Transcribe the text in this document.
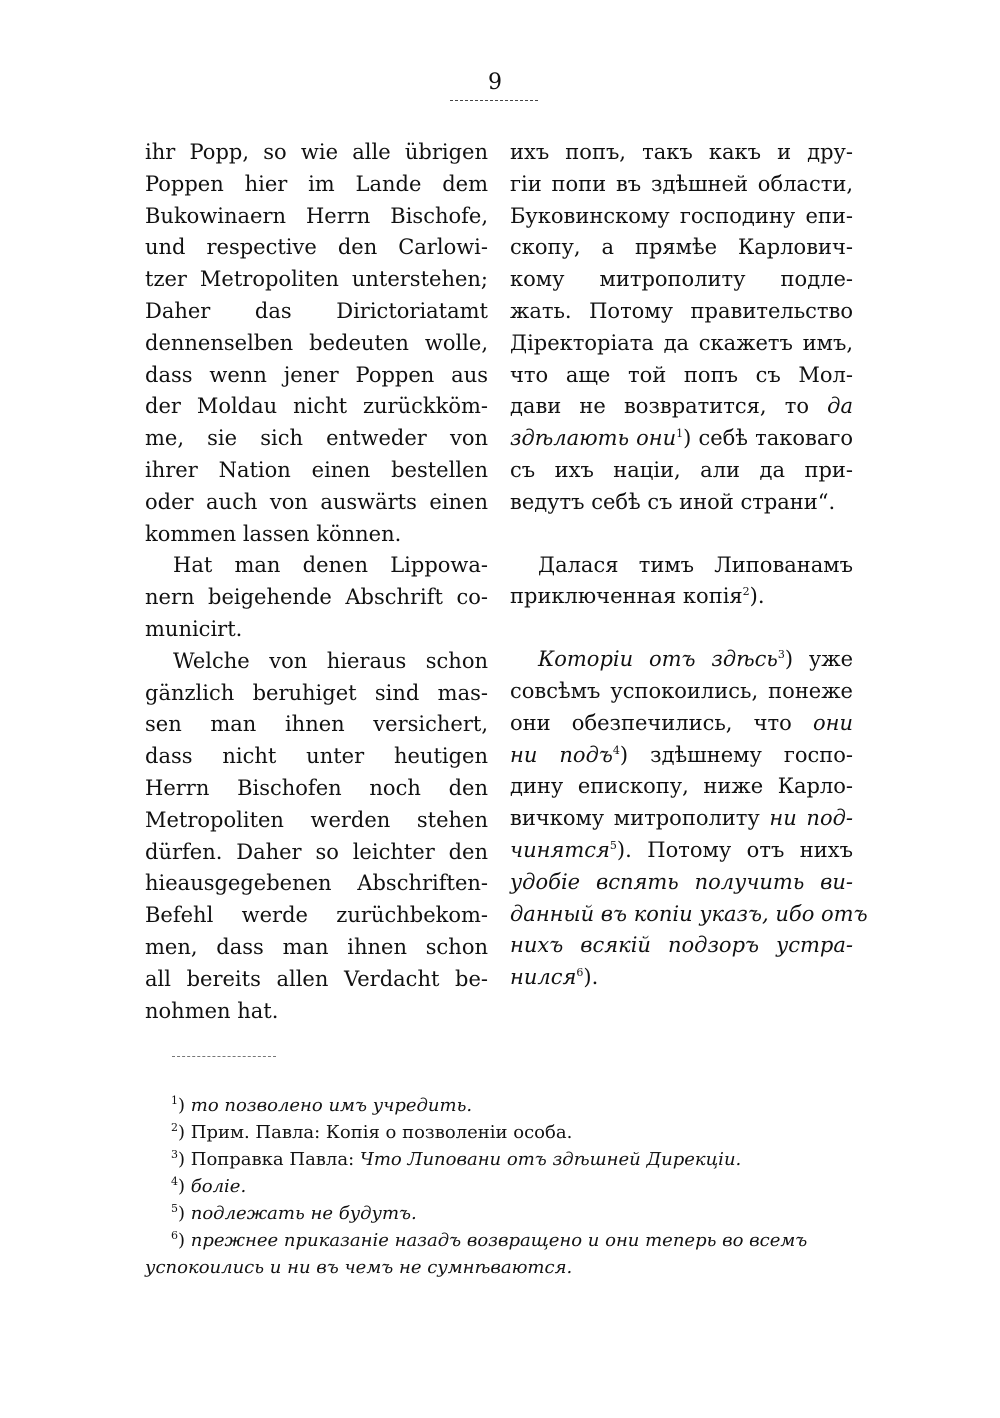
9
ihr Popp, so wie alle übrigen
Poppen hier im Lande dem
Bukowinaern Herrn Bischofe,
und respective den Carlowi-
tzer Metropoliten unterstehen;
Daher das Diriсtoriatamt
dennenselben bedeuten wolle,
dass wenn jener Poppen aus
der Moldau nicht zurückköm-
me, sie sich entweder von
ihrer Nation einen bestellen
oder auch von auswärts einen
kommen lassen können.
Hat man denen Lippowa-
nern beigehende Abschrift co-
municirt.
Welche von hieraus schon
gänzlich beruhiget sind mas-
sen man ihnen versichert,
dass nicht unter heutigen
Herrn Bischofen noch den
Metropoliten werden stehen
dürfen. Daher so leichter den
hieausgegebenen Abschriften-
Befehl werde zurüchbekom-
men, dass man ihnen schon
all bereits allen Verdacht be-
nohmen hat.
ихъ попъ, такъ какъ и дру-
гіи попи въ здѣшней области,
Буковинскому господину епи-
скопу, а прямѣе Карлович-
кому митрополиту подле-
жать. Потому правительство
Діректоріата да скажетъ имъ,
что аще той попъ съ Мол-
дави не возвратится, то да
здѣлають они$^1$) себѣ таковаго
съ ихъ націи, али да при-
ведутъ себѣ съ иной страни“.
Далася тимъ Липованамъ
приключенная копія$^2$).
Которіи отъ здѣсь$^3$) уже
совсѣмъ успокоились, понеже
они обезпечились, что они
ни подъ$^4$) здѣшнему госпо-
дину епископу, ниже Карло-
вичкому митрополиту ни под-
чинятся$^5$). Потому отъ нихъ
удобіе вспять получить ви-
данный въ копіи указъ, ибо отъ
нихъ всякій подзоръ устра-
нился$^6$).
$^1$) то позволено имъ учредить.
$^2$) Прим. Павла: Копія о позволеніи особа.
$^3$) Поправка Павла: Что Липовани отъ здѣшней Дирекціи.
$^4$) боліе.
$^5$) подлежать не будутъ.
$^6$) прежнее приказаніе назадъ возвращено и они теперь во всемъ
успокоились и ни въ чемъ не сумнѣваются.
